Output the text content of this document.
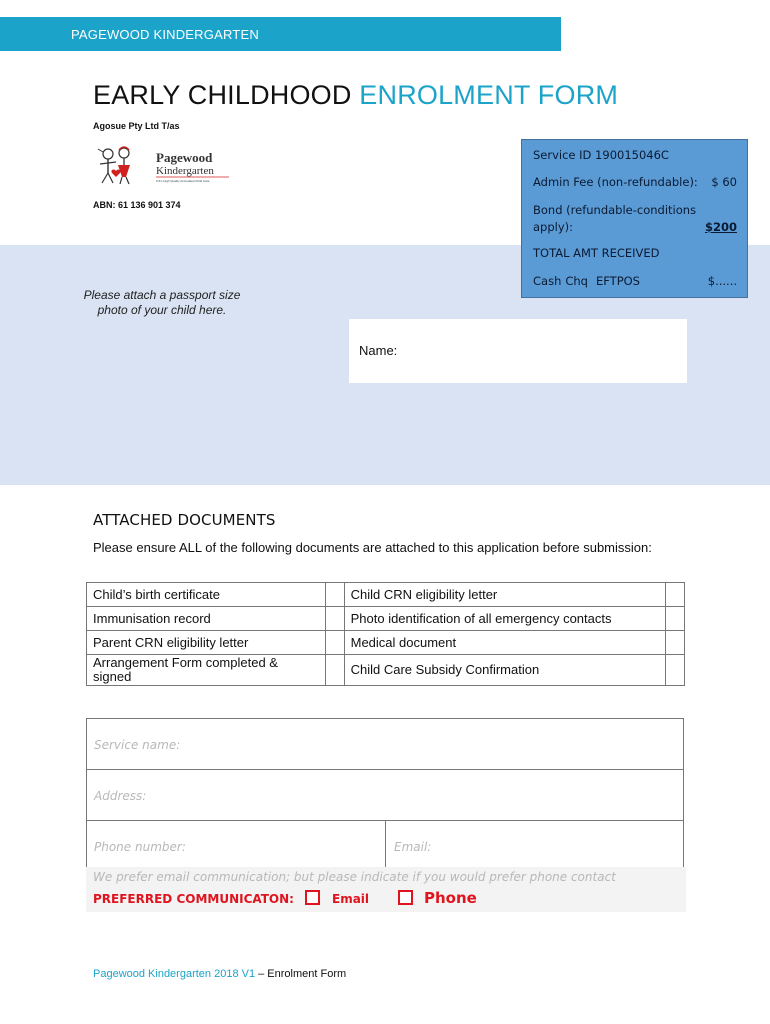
PAGEWOOD KINDERGARTEN
EARLY CHILDHOOD ENROLMENT FORM
Agosue Pty Ltd T/as
Pagewood
Kindergarten
0-6's High Quality Accredited Child Care
ABN: 61 136 901 374
Please attach a passport size photo of your child here.
Name:
Service ID 190015046C
Admin Fee (non-refundable): $ 60
Bond (refundable-conditions apply):	$200
TOTAL AMT RECEIVED
Cash Chq EFTPOS	$......
ATTACHED DOCUMENTS
Please ensure ALL of the following documents are attached to this application before submission:
Child’s birth certificate		Child CRN eligibility letter	
Immunisation record		Photo identification of all emergency contacts	
Parent CRN eligibility letter		Medical document	
Arrangement Form completed & signed		Child Care Subsidy Confirmation	
Service name:
Address:
Phone number:	Email:
We prefer email communication; but please indicate if you would prefer phone contact
PREFERRED COMMUNICATON:	Email	Phone
Pagewood Kindergarten 2018 V1 – Enrolment Form
